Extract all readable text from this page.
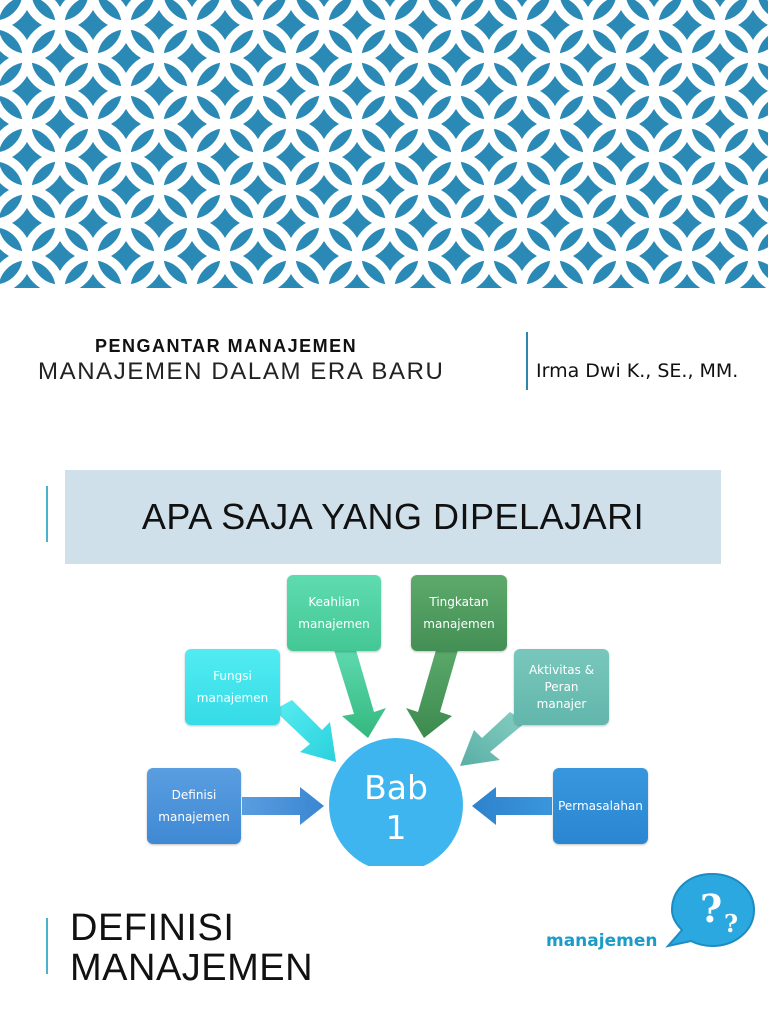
PENGANTAR MANAJEMEN
MANAJEMEN DALAM ERA BARU	Irma Dwi K., SE., MM.
APA SAJA YANG DIPELAJARI
Keahlian manajemen
Tingkatan manajemen
Fungsi manajemen
Aktivitas & Peran manajer
Definisi manajemen
Permasalahan
Bab
1
DEFINISI
MANAJEMEN
? ?
manajemen
